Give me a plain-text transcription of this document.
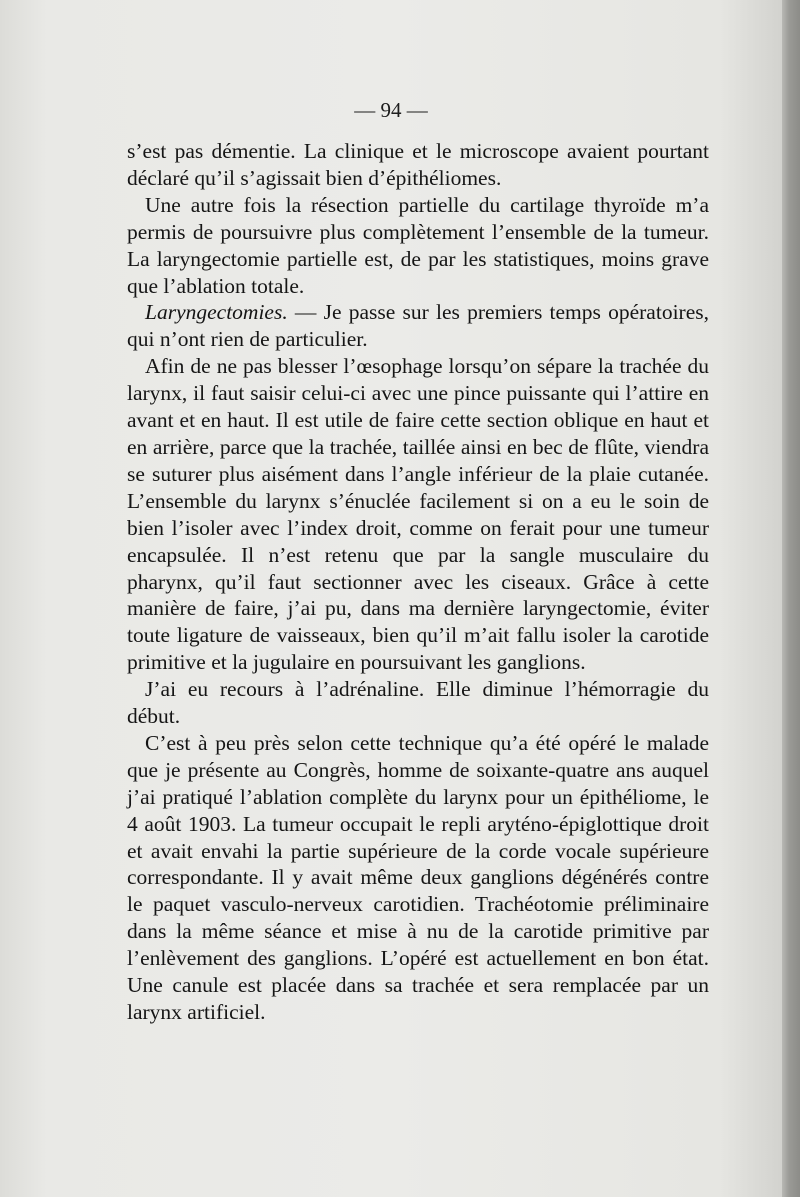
— 94 —

s’est pas démentie. La clinique et le microscope avaient pourtant déclaré qu’il s’agissait bien d’épithéliomes.

Une autre fois la résection partielle du cartilage thyroïde m’a permis de poursuivre plus complètement l’ensemble de la tumeur. La laryngectomie partielle est, de par les statistiques, moins grave que l’ablation totale.

Laryngectomies. — Je passe sur les premiers temps opératoires, qui n’ont rien de particulier.

Afin de ne pas blesser l’œsophage lorsqu’on sépare la trachée du larynx, il faut saisir celui-ci avec une pince puissante qui l’attire en avant et en haut. Il est utile de faire cette section oblique en haut et en arrière, parce que la trachée, taillée ainsi en bec de flûte, viendra se suturer plus aisément dans l’angle inférieur de la plaie cutanée. L’ensemble du larynx s’énuclée facilement si on a eu le soin de bien l’isoler avec l’index droit, comme on ferait pour une tumeur encapsulée. Il n’est retenu que par la sangle musculaire du pharynx, qu’il faut sectionner avec les ciseaux. Grâce à cette manière de faire, j’ai pu, dans ma dernière laryngectomie, éviter toute ligature de vaisseaux, bien qu’il m’ait fallu isoler la carotide primitive et la jugulaire en poursuivant les ganglions.

J’ai eu recours à l’adrénaline. Elle diminue l’hémorragie du début.

C’est à peu près selon cette technique qu’a été opéré le malade que je présente au Congrès, homme de soixante-quatre ans auquel j’ai pratiqué l’ablation complète du larynx pour un épithéliome, le 4 août 1903. La tumeur occupait le repli aryténo-épiglottique droit et avait envahi la partie supérieure de la corde vocale supérieure correspondante. Il y avait même deux ganglions dégénérés contre le paquet vasculo-nerveux carotidien. Trachéotomie préliminaire dans la même séance et mise à nu de la carotide primitive par l’enlèvement des ganglions. L’opéré est actuellement en bon état. Une canule est placée dans sa trachée et sera remplacée par un larynx artificiel.
